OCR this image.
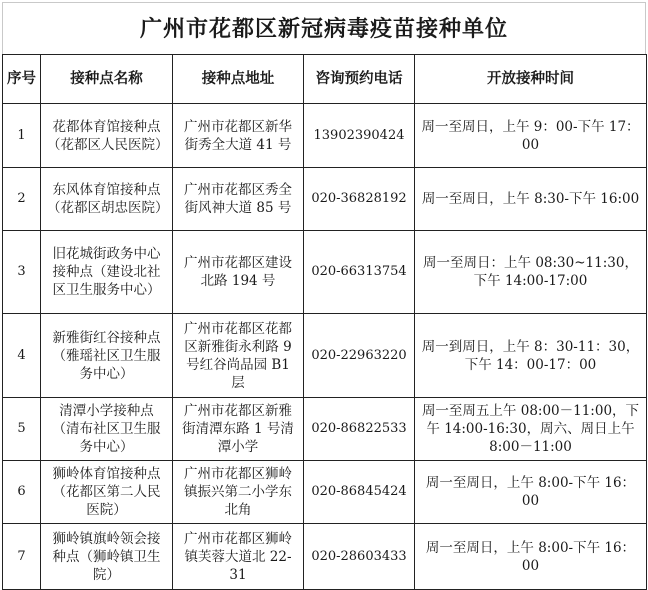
广州市花都区新冠病毒疫苗接种单位
序号	接种点名称	接种点地址	咨询预约电话	开放接种时间
1	花都体育馆接种点（花都区人民医院）	广州市花都区新华街秀全大道 41 号	13902390424	周一至周日，上午 9：00-下午 17：00
2	东风体育馆接种点（花都区胡忠医院）	广州市花都区秀全街风神大道 85 号	020-36828192	周一至周日，上午 8:30-下午 16:00
3	旧花城街政务中心接种点（建设北社区卫生服务中心）	广州市花都区建设北路 194 号	020-66313754	周一至周日：上午 08:30~11:30，下午 14:00-17:00
4	新雅街红谷接种点（雅瑶社区卫生服务中心）	广州市花都区花都区新雅街永利路 9 号红谷尚品园 B1 层	020-22963220	周一到周日，上午 8：30-11：30，下午 14：00-17：00
5	清潭小学接种点（清布社区卫生服务中心）	广州市花都区新雅街清潭东路 1 号清潭小学	020-86822533	周一至周五上午 08:00－11:00，下午 14:00-16:30，周六、周日上午 8:00－11:00
6	狮岭体育馆接种点（花都区第二人民医院）	广州市花都区狮岭镇振兴第二小学东北角	020-86845424	周一至周日，上午 8:00-下午 16：00
7	狮岭镇旗岭领会接种点（狮岭镇卫生院）	广州市花都区狮岭镇芙蓉大道北 22-31	020-28603433	周一至周日，上午 8:00-下午 16：00
